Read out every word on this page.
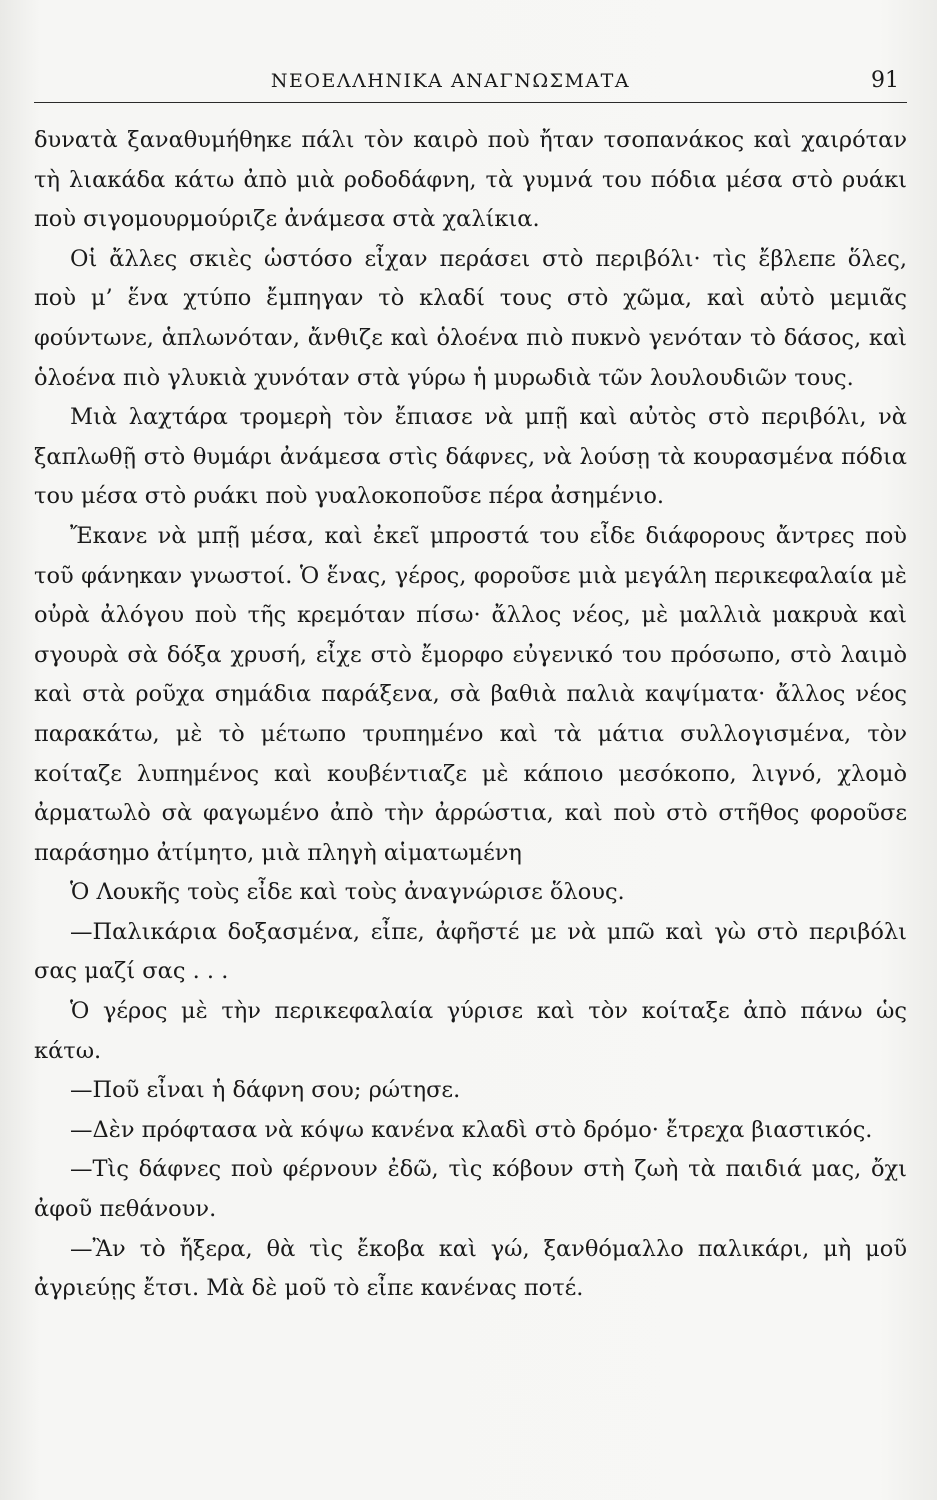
ΝΕΟΕΛΛΗΝΙΚΑ ΑΝΑΓΝΩΣΜΑΤΑ	91

δυνατὰ ξαναθυμήθηκε πάλι τὸν καιρὸ ποὺ ἤταν τσοπανάκος καὶ χαιρόταν τὴ λιακάδα κάτω ἀπὸ μιὰ ροδοδάφνη, τὰ γυμνά του πόδια μέσα στὸ ρυάκι ποὺ σιγομουρμούριζε ἀνάμεσα στὰ χαλίκια.

Οἱ ἄλλες σκιὲς ὡστόσο εἶχαν περάσει στὸ περιβόλι· τὶς ἔβλεπε ὅλες, ποὺ μ’ ἕνα χτύπο ἔμπηγαν τὸ κλαδί τους στὸ χῶμα, καὶ αὐτὸ μεμιᾶς φούντωνε, ἁπλωνόταν, ἄνθιζε καὶ ὁλοένα πιὸ πυκνὸ γενόταν τὸ δάσος, καὶ ὁλοένα πιὸ γλυκιὰ χυνόταν στὰ γύρω ἡ μυρωδιὰ τῶν λουλουδιῶν τους.

Μιὰ λαχτάρα τρομερὴ τὸν ἔπιασε νὰ μπῇ καὶ αὐτὸς στὸ περιβόλι, νὰ ξαπλωθῇ στὸ θυμάρι ἀνάμεσα στὶς δάφνες, νὰ λούσῃ τὰ κουρασμένα πόδια του μέσα στὸ ρυάκι ποὺ γυαλοκοποῦσε πέρα ἀσημένιο.

Ἔκανε νὰ μπῇ μέσα, καὶ ἐκεῖ μπροστά του εἶδε διάφορους ἄντρες ποὺ τοῦ φάνηκαν γνωστοί. Ὁ ἕνας, γέρος, φοροῦσε μιὰ μεγάλη περικεφαλαία μὲ οὐρὰ ἀλόγου ποὺ τῆς κρεμόταν πίσω· ἄλλος νέος, μὲ μαλλιὰ μακρυὰ καὶ σγουρὰ σὰ δόξα χρυσή, εἶχε στὸ ἔμορφο εὐγενικό του πρόσωπο, στὸ λαιμὸ καὶ στὰ ροῦχα σημάδια παράξενα, σὰ βαθιὰ παλιὰ καψίματα· ἄλλος νέος παρακάτω, μὲ τὸ μέτωπο τρυπημένο καὶ τὰ μάτια συλλογισμένα, τὸν κοίταζε λυπημένος καὶ κουβέντιαζε μὲ κάποιο μεσόκοπο, λιγνό, χλομὸ ἀρματωλὸ σὰ φαγωμένο ἀπὸ τὴν ἀρρώστια, καὶ ποὺ στὸ στῆθος φοροῦσε παράσημο ἀτίμητο, μιὰ πληγὴ αἱματωμένη

Ὁ Λουκῆς τοὺς εἶδε καὶ τοὺς ἀναγνώρισε ὅλους.

—Παλικάρια δοξασμένα, εἶπε, ἀφῆστέ με νὰ μπῶ καὶ γὼ στὸ περιβόλι σας μαζί σας . . .

Ὁ γέρος μὲ τὴν περικεφαλαία γύρισε καὶ τὸν κοίταξε ἀπὸ πάνω ὡς κάτω.

—Ποῦ εἶναι ἡ δάφνη σου; ρώτησε.

—Δὲν πρόφτασα νὰ κόψω κανένα κλαδὶ στὸ δρόμο· ἔτρεχα βιαστικός.

—Τὶς δάφνες ποὺ φέρνουν ἐδῶ, τὶς κόβουν στὴ ζωὴ τὰ παιδιά μας, ὄχι ἀφοῦ πεθάνουν.

—Ἂν τὸ ἤξερα, θὰ τὶς ἔκοβα καὶ γώ, ξανθόμαλλο παλικάρι, μὴ μοῦ ἀγριεύῃς ἔτσι. Μὰ δὲ μοῦ τὸ εἶπε κανένας ποτέ.
